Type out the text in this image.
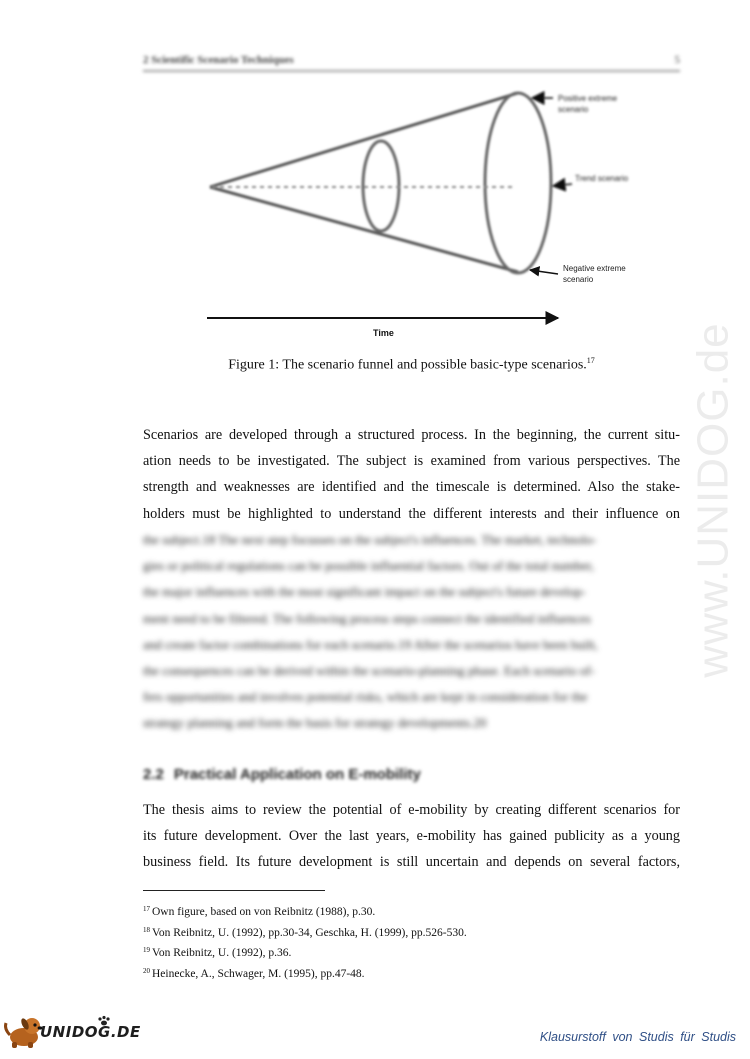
2 Scientific Scenario Techniques	5
Positive extreme
scenario
Trend scenario
Negative extreme
scenario
Time
Figure 1: The scenario funnel and possible basic-type scenarios.$^{17}$
Scenarios are developed through a structured process. In the beginning, the current situ-
ation needs to be investigated. The subject is examined from various perspectives. The
strength and weaknesses are identified and the timescale is determined. Also the stake-
holders must be highlighted to understand the different interests and their influence on
the subject.18 The next step focusses on the subject's influences. The market, technolo-
gies or political regulations can be possible influential factors. Out of the total number,
the major influences with the most significant impact on the subject's future develop-
ment need to be filtered. The following process steps connect the identified influences
and create factor combinations for each scenario.19 After the scenarios have been built,
the consequences can be derived within the scenario-planning phase. Each scenario of-
fers opportunities and involves potential risks, which are kept in consideration for the
strategy planning and form the basis for strategy developments.20
2.2 Practical Application on E-mobility
The thesis aims to review the potential of e-mobility by creating different scenarios for
its future development. Over the last years, e-mobility has gained publicity as a young
business field. Its future development is still uncertain and depends on several factors,
$^{17}$ Own figure, based on von Reibnitz (1988), p.30.
$^{18}$ Von Reibnitz, U. (1992), pp.30-34, Geschka, H. (1999), pp.526-530.
$^{19}$ Von Reibnitz, U. (1992), p.36.
$^{20}$ Heinecke, A., Schwager, M. (1995), pp.47-48.
www.UNIDOG.de
UNIDOG.DE	Klausurstoff von Studis für Studis
